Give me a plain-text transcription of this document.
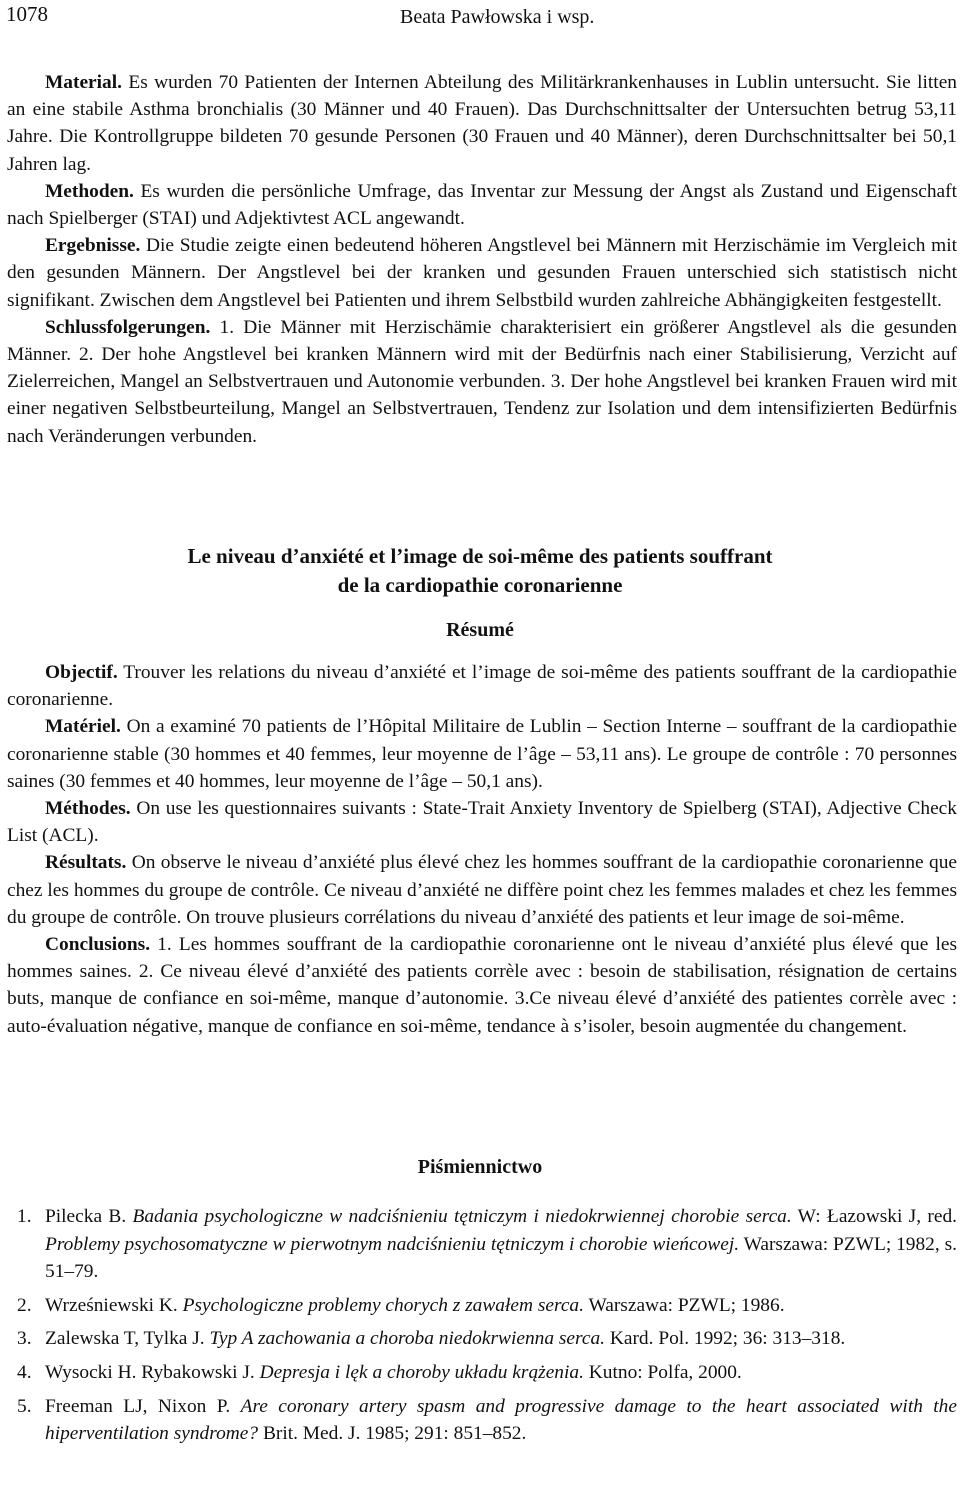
1078	Beata Pawłowska i wsp.

Material. Es wurden 70 Patienten der Internen Abteilung des Militärkrankenhauses in Lublin untersucht. Sie litten an eine stabile Asthma bronchialis (30 Männer und 40 Frauen). Das Durchschnittsalter der Untersuchten betrug 53,11 Jahre. Die Kontrollgruppe bildeten 70 gesunde Personen (30 Frauen und 40 Männer), deren Durchschnittsalter bei 50,1 Jahren lag.

Methoden. Es wurden die persönliche Umfrage, das Inventar zur Messung der Angst als Zustand und Eigenschaft nach Spielberger (STAI) und Adjektivtest ACL angewandt.

Ergebnisse. Die Studie zeigte einen bedeutend höheren Angstlevel bei Männern mit Herzischämie im Vergleich mit den gesunden Männern. Der Angstlevel bei der kranken und gesunden Frauen unterschied sich statistisch nicht signifikant. Zwischen dem Angstlevel bei Patienten und ihrem Selbstbild wurden zahlreiche Abhängigkeiten festgestellt.

Schlussfolgerungen. 1. Die Männer mit Herzischämie charakterisiert ein größerer Angstlevel als die gesunden Männer. 2. Der hohe Angstlevel bei kranken Männern wird mit der Bedürfnis nach einer Stabilisierung, Verzicht auf Zielerreichen, Mangel an Selbstvertrauen und Autonomie verbunden. 3. Der hohe Angstlevel bei kranken Frauen wird mit einer negativen Selbstbeurteilung, Mangel an Selbstvertrauen, Tendenz zur Isolation und dem intensifizierten Bedürfnis nach Veränderungen verbunden.

Le niveau d’anxiété et l’image de soi-même des patients souffrant
de la cardiopathie coronarienne
Résumé

Objectif. Trouver les relations du niveau d’anxiété et l’image de soi-même des patients souffrant de la cardiopathie coronarienne.

Matériel. On a examiné 70 patients de l’Hôpital Militaire de Lublin – Section Interne – souffrant de la cardiopathie coronarienne stable (30 hommes et 40 femmes, leur moyenne de l’âge – 53,11 ans). Le groupe de contrôle : 70 personnes saines (30 femmes et 40 hommes, leur moyenne de l’âge – 50,1 ans).

Méthodes. On use les questionnaires suivants : State-Trait Anxiety Inventory de Spielberg (STAI), Adjective Check List (ACL).

Résultats. On observe le niveau d’anxiété plus élevé chez les hommes souffrant de la cardiopathie coronarienne que chez les hommes du groupe de contrôle. Ce niveau d’anxiété ne diffère point chez les femmes malades et chez les femmes du groupe de contrôle. On trouve plusieurs corrélations du niveau d’anxiété des patients et leur image de soi-même.

Conclusions. 1. Les hommes souffrant de la cardiopathie coronarienne ont le niveau d’anxiété plus élevé que les hommes saines. 2. Ce niveau élevé d’anxiété des patients corrèle avec : besoin de stabilisation, résignation de certains buts, manque de confiance en soi-même, manque d’autonomie. 3.Ce niveau élevé d’anxiété des patientes corrèle avec : auto-évaluation négative, manque de confiance en soi-même, tendance à s’isoler, besoin augmentée du changement.

Piśmiennictwo
1. Pilecka B. Badania psychologiczne w nadciśnieniu tętniczym i niedokrwiennej chorobie serca. W: Łazowski J, red. Problemy psychosomatyczne w pierwotnym nadciśnieniu tętniczym i chorobie wieńcowej. Warszawa: PZWL; 1982, s. 51–79.
2. Wrześniewski K. Psychologiczne problemy chorych z zawałem serca. Warszawa: PZWL; 1986.
3. Zalewska T, Tylka J. Typ A zachowania a choroba niedokrwienna serca. Kard. Pol. 1992; 36: 313–318.
4. Wysocki H. Rybakowski J. Depresja i lęk a choroby układu krążenia. Kutno: Polfa, 2000.
5. Freeman LJ, Nixon P. Are coronary artery spasm and progressive damage to the heart associated with the hiperventilation syndrome? Brit. Med. J. 1985; 291: 851–852.
